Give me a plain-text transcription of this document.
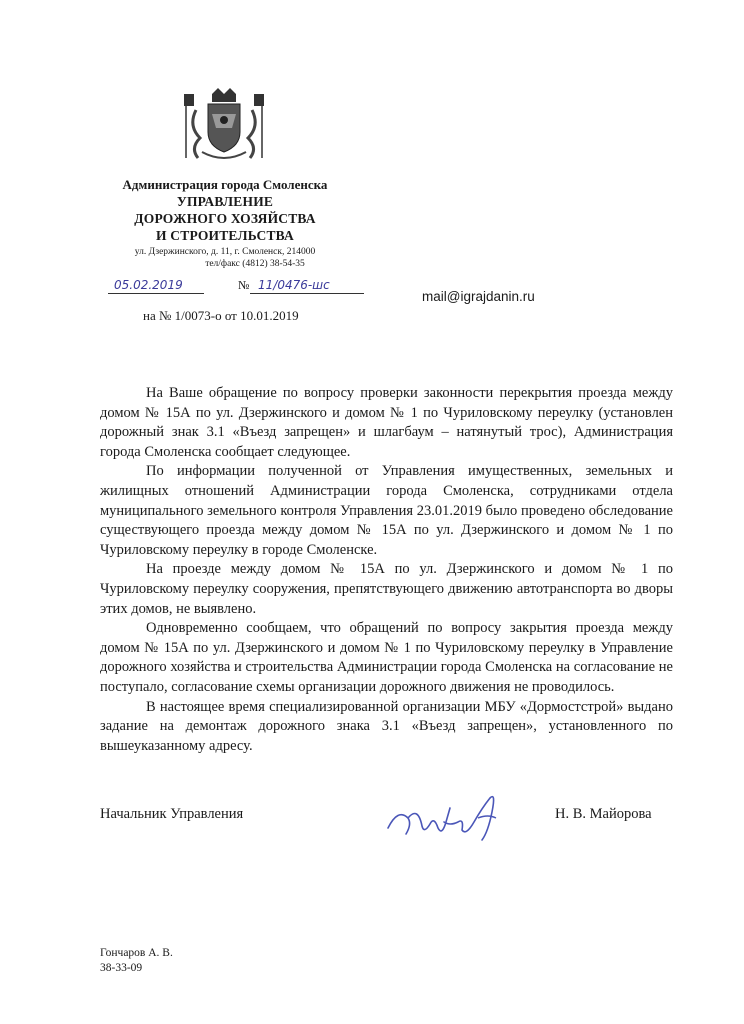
Администрация города Смоленска
УПРАВЛЕНИЕ
ДОРОЖНОГО ХОЗЯЙСТВА
И СТРОИТЕЛЬСТВА
ул. Дзержинского, д. 11, г. Смоленск, 214000
тел/факс (4812) 38-54-35
05.02.2019	№ 11/0476-шс
на № 1/0073-о от 10.01.2019
mail@igrajdanin.ru

На Ваше обращение по вопросу проверки законности перекрытия проезда между домом № 15А по ул. Дзержинского и домом № 1 по Чуриловскому переулку (установлен дорожный знак 3.1 «Въезд запрещен» и шлагбаум – натянутый трос), Администрация города Смоленска сообщает следующее.

По информации полученной от Управления имущественных, земельных и жилищных отношений Администрации города Смоленска, сотрудниками отдела муниципального земельного контроля Управления 23.01.2019 было проведено обследование существующего проезда между домом № 15А по ул. Дзержинского и домом № 1 по Чуриловскому переулку в городе Смоленске.

На проезде между домом № 15А по ул. Дзержинского и домом № 1 по Чуриловскому переулку сооружения, препятствующего движению автотранспорта во дворы этих домов, не выявлено.

Одновременно сообщаем, что обращений по вопросу закрытия проезда между домом № 15А по ул. Дзержинского и домом № 1 по Чуриловскому переулку в Управление дорожного хозяйства и строительства Администрации города Смоленска на согласование не поступало, согласование схемы организации дорожного движения не проводилось.

В настоящее время специализированной организации МБУ «Дормостстрой» выдано задание на демонтаж дорожного знака 3.1 «Въезд запрещен», установленного по вышеуказанному адресу.

Начальник Управления	Н. В. Майорова
Гончаров А. В.
38-33-09
